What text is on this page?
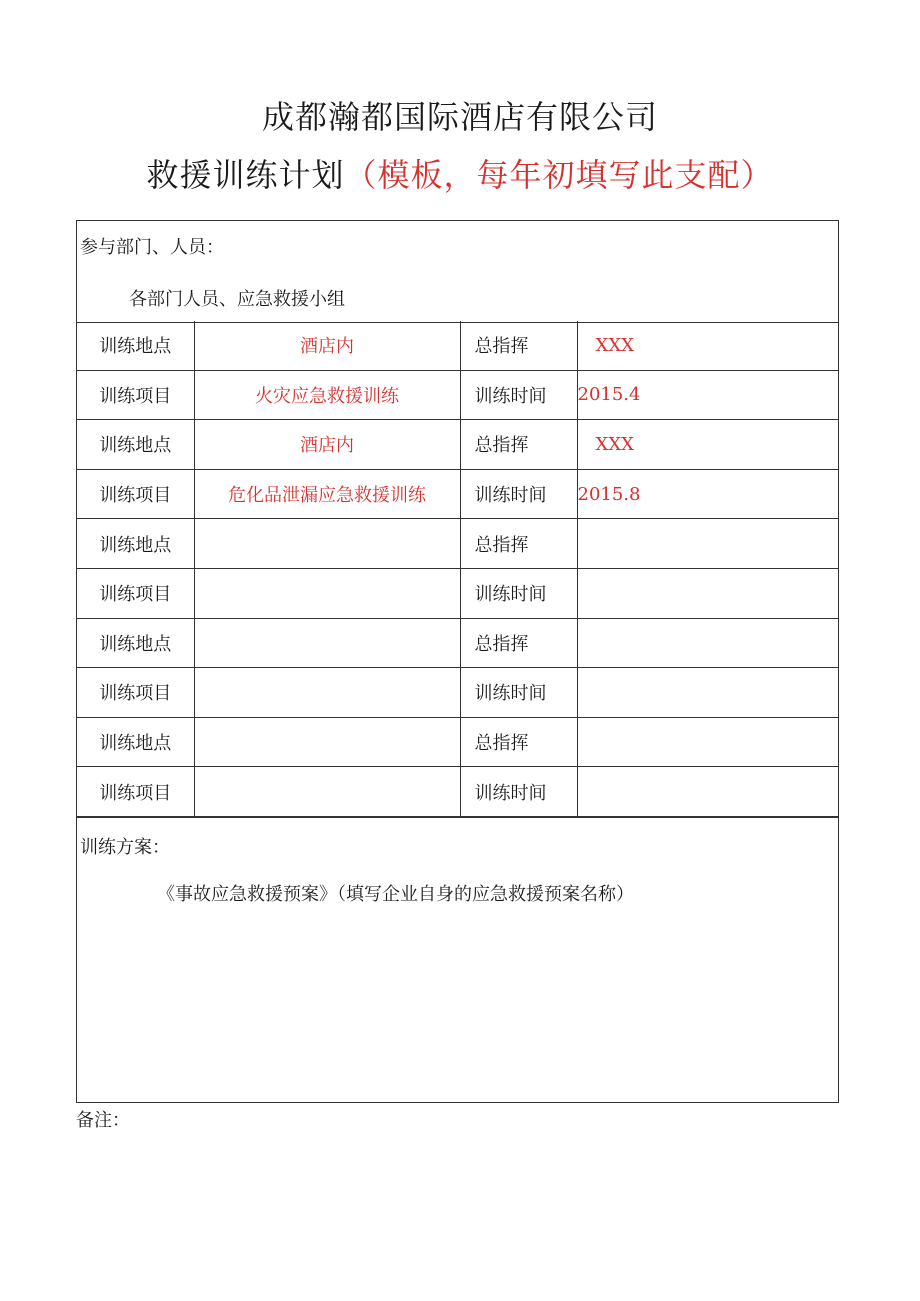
成都瀚都国际酒店有限公司
救援训练计划（模板，每年初填写此支配）
参与部门、人员：
各部门人员、应急救援小组
训练地点	酒店内	总指挥	XXX
训练项目	火灾应急救援训练	训练时间	2015.4
训练地点	酒店内	总指挥	XXX
训练项目	危化品泄漏应急救援训练	训练时间	2015.8
训练地点		总指挥	
训练项目		训练时间	
训练地点		总指挥	
训练项目		训练时间	
训练地点		总指挥	
训练项目		训练时间	
训练方案：
《事故应急救援预案》（填写企业自身的应急救援预案名称）
备注：
